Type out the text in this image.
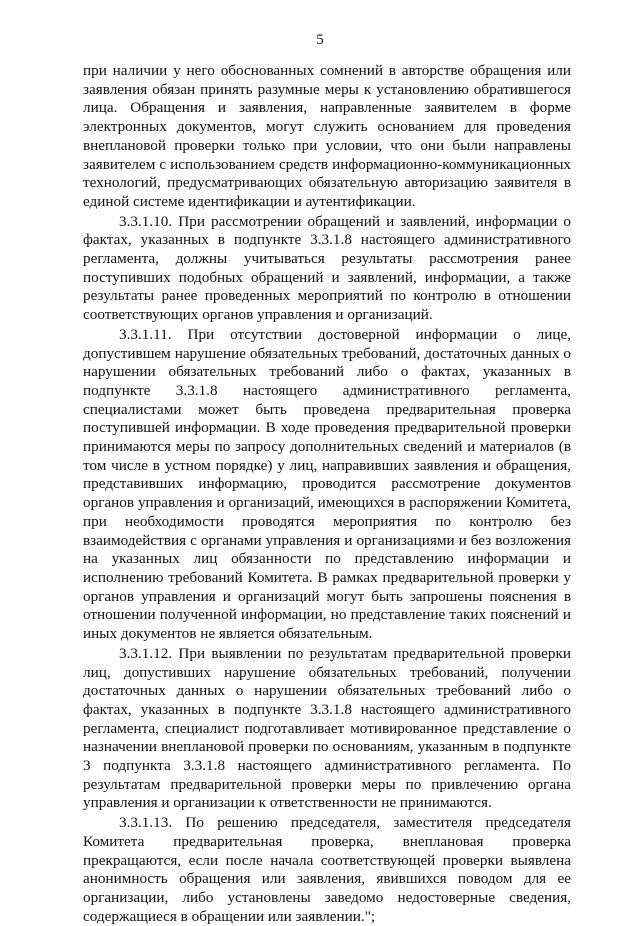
5

при наличии у него обоснованных сомнений в авторстве обращения или заявления обязан принять разумные меры к установлению обратившегося лица. Обращения и заявления, направленные заявителем в форме электронных документов, могут служить основанием для проведения внеплановой проверки только при условии, что они были направлены заявителем с использованием средств информационно-коммуникационных технологий, предусматривающих обязательную авторизацию заявителя в единой системе идентификации и аутентификации.

3.3.1.10. При рассмотрении обращений и заявлений, информации о фактах, указанных в подпункте 3.3.1.8 настоящего административного регламента, должны учитываться результаты рассмотрения ранее поступивших подобных обращений и заявлений, информации, а также результаты ранее проведенных мероприятий по контролю в отношении соответствующих органов управления и организаций.

3.3.1.11. При отсутствии достоверной информации о лице, допустившем нарушение обязательных требований, достаточных данных о нарушении обязательных требований либо о фактах, указанных в подпункте 3.3.1.8 настоящего административного регламента, специалистами может быть проведена предварительная проверка поступившей информации. В ходе проведения предварительной проверки принимаются меры по запросу дополнительных сведений и материалов (в том числе в устном порядке) у лиц, направивших заявления и обращения, представивших информацию, проводится рассмотрение документов органов управления и организаций, имеющихся в распоряжении Комитета, при необходимости проводятся мероприятия по контролю без взаимодействия с органами управления и организациями и без возложения на указанных лиц обязанности по представлению информации и исполнению требований Комитета. В рамках предварительной проверки у органов управления и организаций могут быть запрошены пояснения в отношении полученной информации, но представление таких пояснений и иных документов не является обязательным.

3.3.1.12. При выявлении по результатам предварительной проверки лиц, допустивших нарушение обязательных требований, получении достаточных данных о нарушении обязательных требований либо о фактах, указанных в подпункте 3.3.1.8 настоящего административного регламента, специалист подготавливает мотивированное представление о назначении внеплановой проверки по основаниям, указанным в подпункте 3 подпункта 3.3.1.8 настоящего административного регламента. По результатам предварительной проверки меры по привлечению органа управления и организации к ответственности не принимаются.

3.3.1.13. По решению председателя, заместителя председателя Комитета предварительная проверка, внеплановая проверка прекращаются, если после начала соответствующей проверки выявлена анонимность обращения или заявления, явившихся поводом для ее организации, либо установлены заведомо недостоверные сведения, содержащиеся в обращении или заявлении.";
